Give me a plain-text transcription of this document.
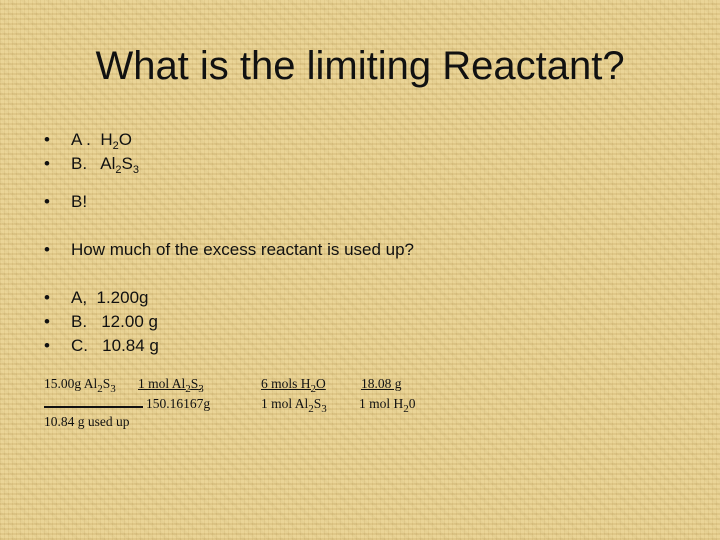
What is the limiting Reactant?
• A . $H_2O$
• B. $Al_2S_3$
• B!
• How much of the excess reactant is used up?
• A,  1.200g
• B.   12.00 g
• C.   10.84 g
15.00g $Al_2S_3$ 1 mol $Al_2S_3$
150.16167g
6 mols $H_2O$
1 mol $Al_2S_3$
18.08 g
1 mol $H_20$
10.84 g used up
